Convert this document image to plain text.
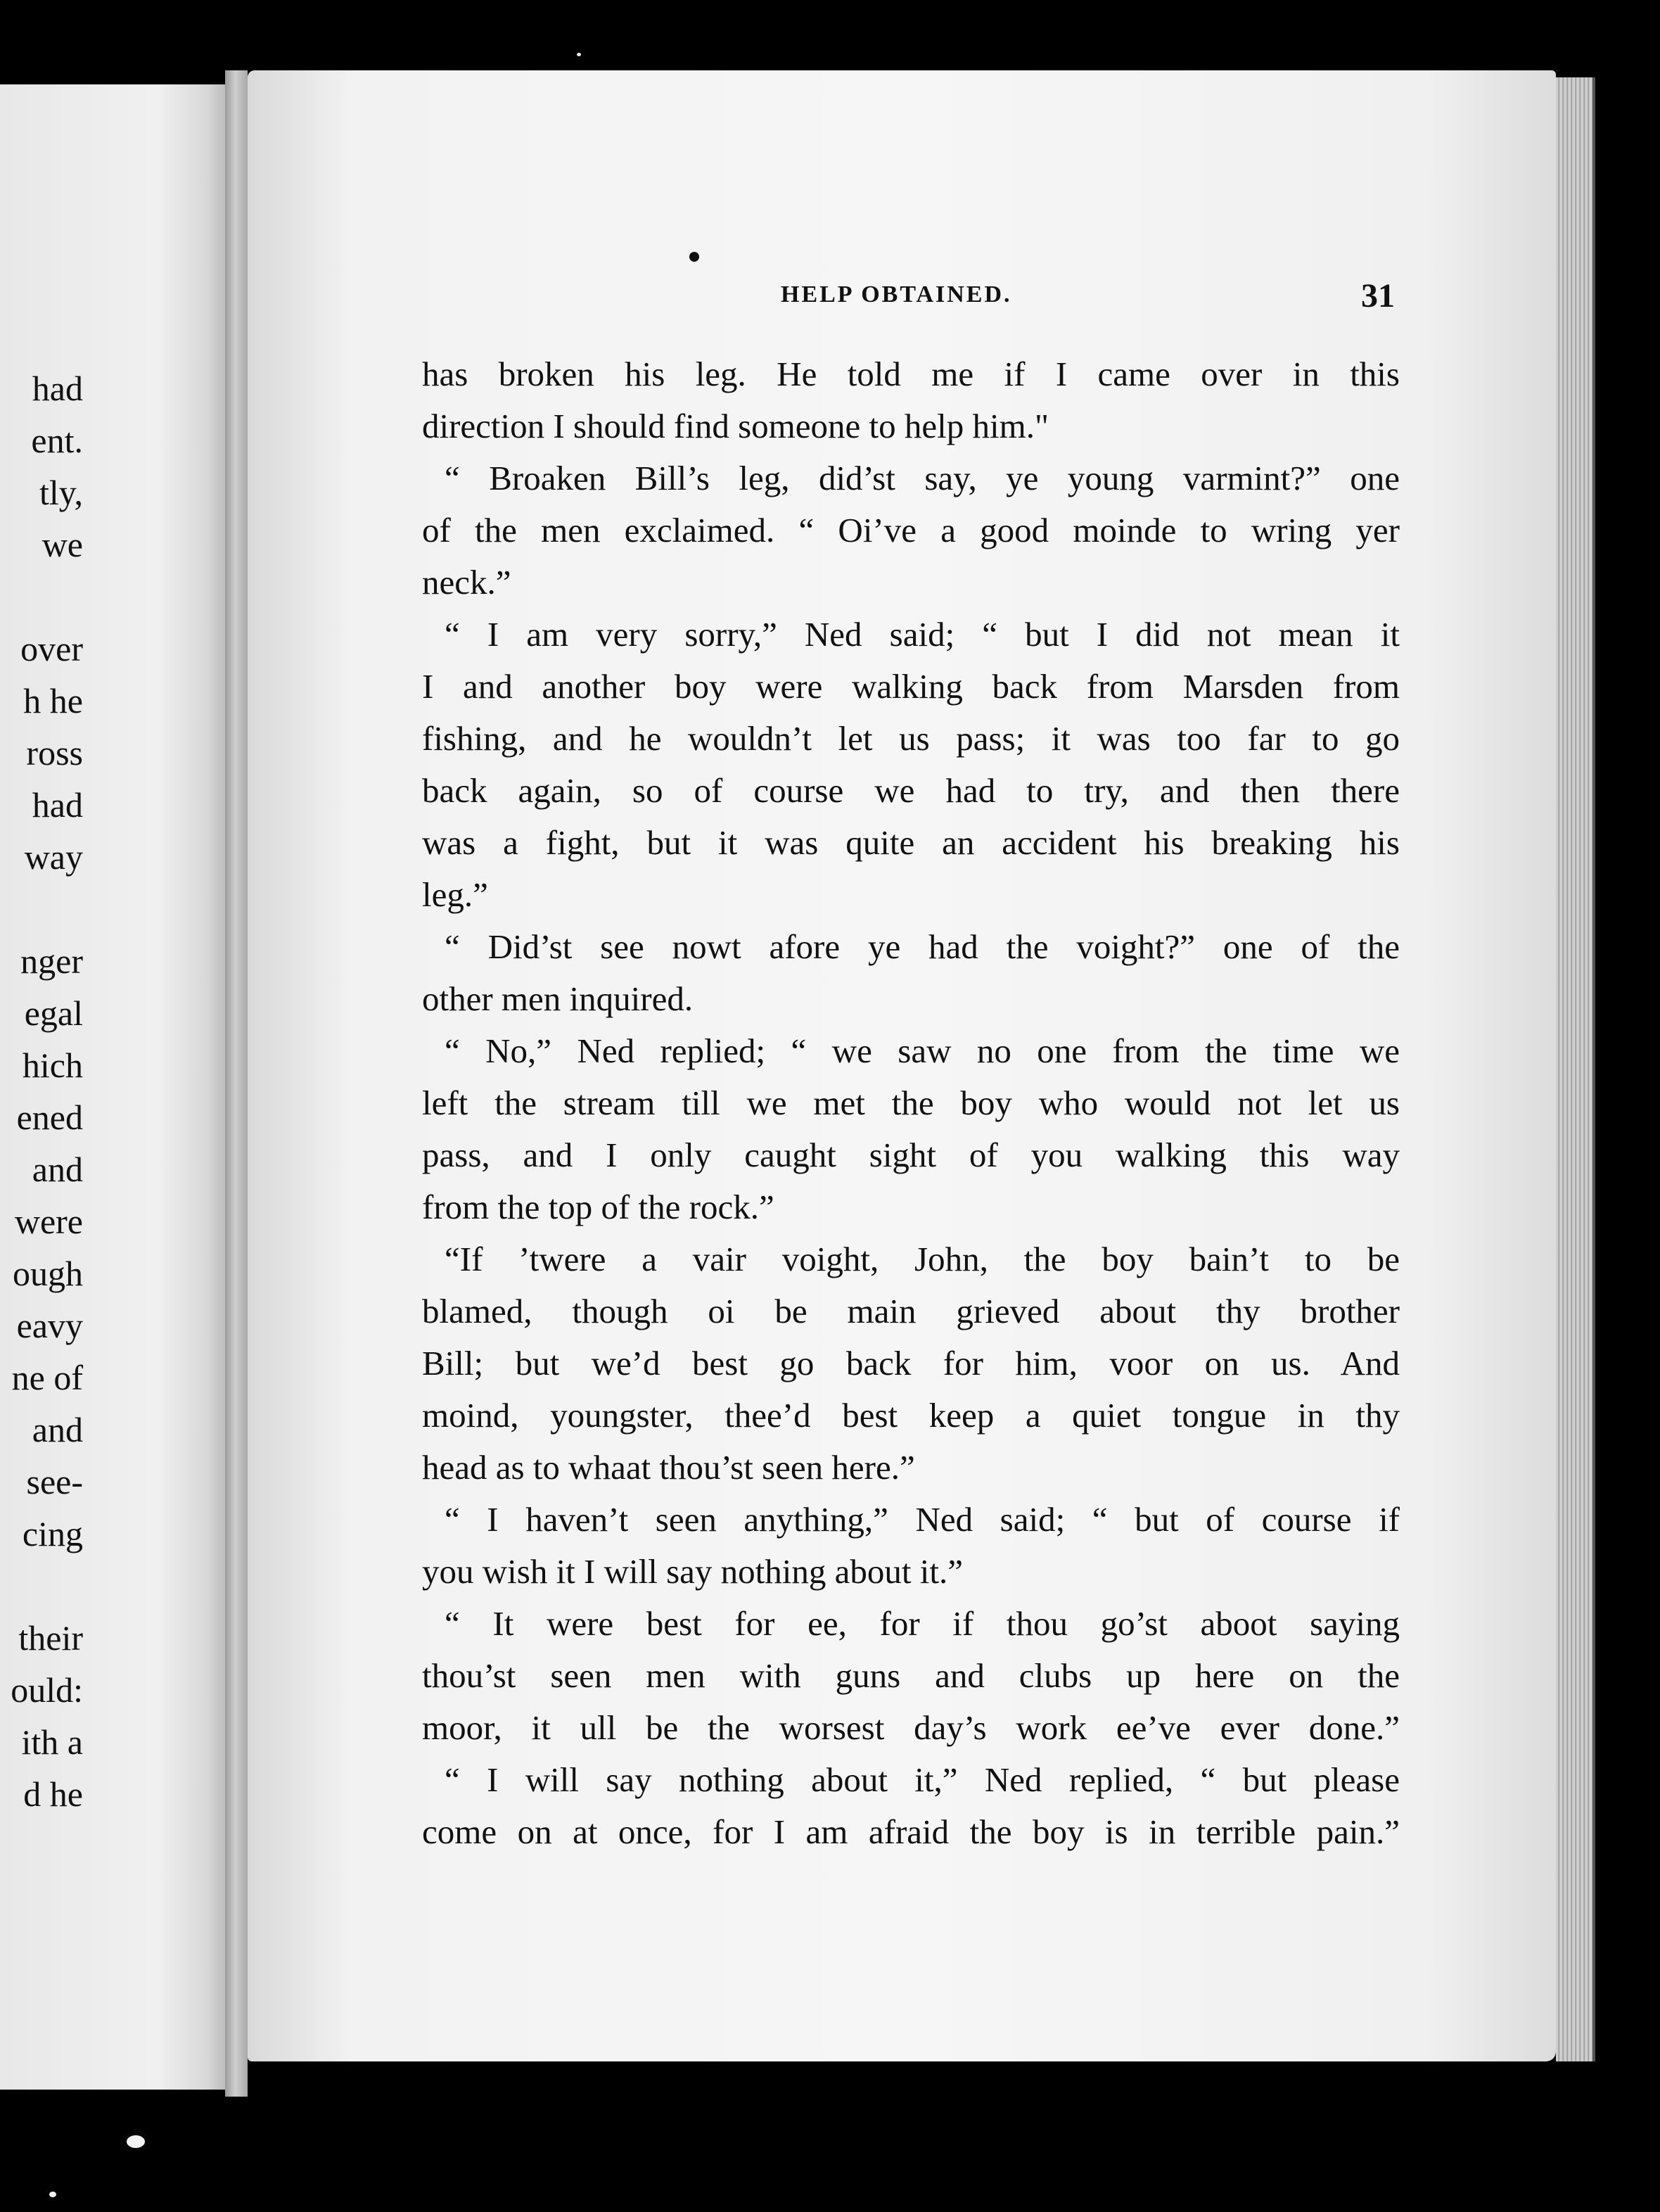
had
ent.
tly,
we
over
h he
ross
had
way
nger
egal
hich
ened
and
were
ough
eavy
ne of
and
see-
cing
their
ould:
ith a
d he
HELP OBTAINED.	31
has broken his leg. He told me if I came over in this
direction I should find someone to help him."
“ Broaken Bill’s leg, did’st say, ye young varmint?” one
of the men exclaimed. “ Oi’ve a good moinde to wring yer
neck.”
“ I am very sorry,” Ned said; “ but I did not mean it
I and another boy were walking back from Marsden from
fishing, and he wouldn’t let us pass; it was too far to go
back again, so of course we had to try, and then there
was a fight, but it was quite an accident his breaking his
leg.”
“ Did’st see nowt afore ye had the voight?” one of the
other men inquired.
“ No,” Ned replied; “ we saw no one from the time we
left the stream till we met the boy who would not let us
pass, and I only caught sight of you walking this way
from the top of the rock.”
“If ’twere a vair voight, John, the boy bain’t to be
blamed, though oi be main grieved about thy brother
Bill; but we’d best go back for him, voor on us. And
moind, youngster, thee’d best keep a quiet tongue in thy
head as to whaat thou’st seen here.”
“ I haven’t seen anything,” Ned said; “ but of course if
you wish it I will say nothing about it.”
“ It were best for ee, for if thou go’st aboot saying
thou’st seen men with guns and clubs up here on the
moor, it ull be the worsest day’s work ee’ve ever done.”
“ I will say nothing about it,” Ned replied, “ but please
come on at once, for I am afraid the boy is in terrible pain.”
